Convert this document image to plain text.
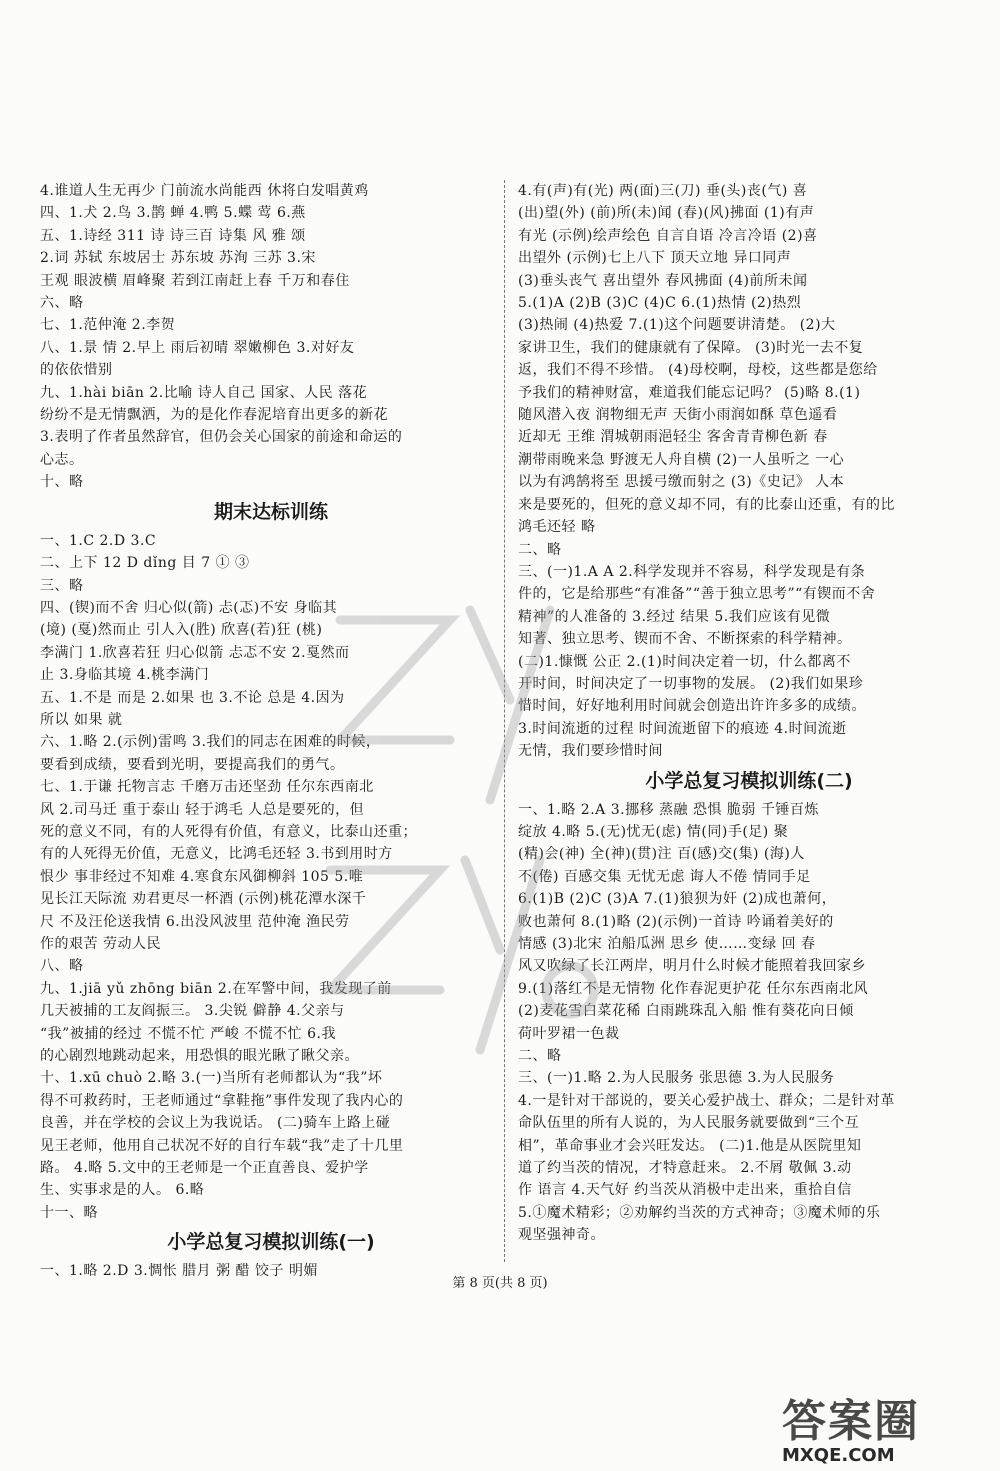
4.谁道人生无再少 门前流水尚能西 休将白发唱黄鸡
四、1.犬 2.鸟 3.鹊 蝉 4.鸭 5.蝶 莺 6.燕
五、1.诗经 311 诗 诗三百 诗集 风 雅 颂
2.词 苏轼 东坡居士 苏东坡 苏洵 三苏 3.宋
王观 眼波横 眉峰聚 若到江南赶上春 千万和春住
六、略
七、1.范仲淹 2.李贺
八、1.景 情 2.早上 雨后初晴 翠嫩柳色 3.对好友
的依依惜别
九、1.hài biān 2.比喻 诗人自己 国家、人民 落花
纷纷不是无情飘洒，为的是化作春泥培育出更多的新花
3.表明了作者虽然辞官，但仍会关心国家的前途和命运的
心志。
十、略
期末达标训练
一、1.C 2.D 3.C
二、上下 12 D dǐng 目 7 ① ③
三、略
四、(锲)而不舍 归心似(箭) 忐(忑)不安 身临其
(境) (戛)然而止 引人入(胜) 欣喜(若)狂 (桃)
李满门 1.欣喜若狂 归心似箭 忐忑不安 2.戛然而
止 3.身临其境 4.桃李满门
五、1.不是 而是 2.如果 也 3.不论 总是 4.因为
所以 如果 就
六、1.略 2.(示例)雷鸣 3.我们的同志在困难的时候，
要看到成绩，要看到光明，要提高我们的勇气。
七、1.于谦 托物言志 千磨万击还坚劲 任尔东西南北
风 2.司马迁 重于泰山 轻于鸿毛 人总是要死的，但
死的意义不同，有的人死得有价值，有意义，比泰山还重；
有的人死得无价值，无意义，比鸿毛还轻 3.书到用时方
恨少 事非经过不知难 4.寒食东风御柳斜 105 5.唯
见长江天际流 劝君更尽一杯酒 (示例)桃花潭水深千
尺 不及汪伦送我情 6.出没风波里 范仲淹 渔民劳
作的艰苦 劳动人民
八、略
九、1.jiā yǔ zhōng biān 2.在军警中间，我发现了前
几天被捕的工友阎振三。 3.尖锐 僻静 4.父亲与
“我”被捕的经过 不慌不忙 严峻 不慌不忙 6.我
的心剧烈地跳动起来，用恐惧的眼光瞅了瞅父亲。
十、1.xū chuò 2.略 3.(一)当所有老师都认为“我”坏
得不可救药时，王老师通过“拿鞋拖”事件发现了我内心的
良善，并在学校的会议上为我说话。 (二)骑车上路上碰
见王老师，他用自己状况不好的自行车载“我”走了十几里
路。 4.略 5.文中的王老师是一个正直善良、爱护学
生、实事求是的人。 6.略
十一、略
小学总复习模拟训练(一)
一、1.略 2.D 3.惆怅 腊月 粥 醋 饺子 明媚
4.有(声)有(光) 两(面)三(刀) 垂(头)丧(气) 喜
(出)望(外) (前)所(未)闻 (春)(风)拂面 (1)有声
有光 (示例)绘声绘色 自言自语 冷言冷语 (2)喜
出望外 (示例)七上八下 顶天立地 异口同声
(3)垂头丧气 喜出望外 春风拂面 (4)前所未闻
5.(1)A (2)B (3)C (4)C 6.(1)热情 (2)热烈
(3)热闹 (4)热爱 7.(1)这个问题要讲清楚。 (2)大
家讲卫生，我们的健康就有了保障。 (3)时光一去不复
返，我们不得不珍惜。 (4)母校啊，母校，这些都是您给
予我们的精神财富，难道我们能忘记吗？ (5)略 8.(1)
随风潜入夜 润物细无声 天街小雨润如酥 草色遥看
近却无 王维 渭城朝雨浥轻尘 客舍青青柳色新 春
潮带雨晚来急 野渡无人舟自横 (2)一人虽听之 一心
以为有鸿鹄将至 思援弓缴而射之 (3)《史记》 人本
来是要死的，但死的意义却不同，有的比泰山还重，有的比
鸿毛还轻 略
二、略
三、(一)1.A A 2.科学发现并不容易，科学发现是有条
件的，它是给那些“有准备”“善于独立思考”“有锲而不舍
精神”的人准备的 3.经过 结果 5.我们应该有见微
知著、独立思考、锲而不舍、不断探索的科学精神。
(二)1.慷慨 公正 2.(1)时间决定着一切，什么都离不
开时间，时间决定了一切事物的发展。 (2)我们如果珍
惜时间，好好地利用时间就会创造出许许多多的成绩。
3.时间流逝的过程 时间流逝留下的痕迹 4.时间流逝
无情，我们要珍惜时间
小学总复习模拟训练(二)
一、1.略 2.A 3.挪移 蒸融 恐惧 脆弱 千锤百炼
绽放 4.略 5.(无)忧无(虑) 情(同)手(足) 聚
(精)会(神) 全(神)(贯)注 百(感)交(集) (海)人
不(倦) 百感交集 无忧无虑 诲人不倦 情同手足
6.(1)B (2)C (3)A 7.(1)狼狈为奸 (2)成也萧何，
败也萧何 8.(1)略 (2)(示例)一首诗 吟诵着美好的
情感 (3)北宋 泊船瓜洲 思乡 使……变绿 回 春
风又吹绿了长江两岸，明月什么时候才能照着我回家乡
9.(1)落红不是无情物 化作春泥更护花 任尔东西南北风
(2)麦花雪白菜花稀 白雨跳珠乱入船 惟有葵花向日倾
荷叶罗裙一色裁
二、略
三、(一)1.略 2.为人民服务 张思德 3.为人民服务
4.一是针对干部说的，要关心爱护战士、群众；二是针对革
命队伍里的所有人说的，为人民服务就要做到“三个互
相”，革命事业才会兴旺发达。 (二)1.他是从医院里知
道了约当茨的情况，才特意赶来。 2.不屑 敬佩 3.动
作 语言 4.天气好 约当茨从消极中走出来，重拾自信
5.①魔术精彩；②劝解约当茨的方式神奇；③魔术师的乐
观坚强神奇。
第 8 页(共 8 页)
答案圈
MXQE.COM
